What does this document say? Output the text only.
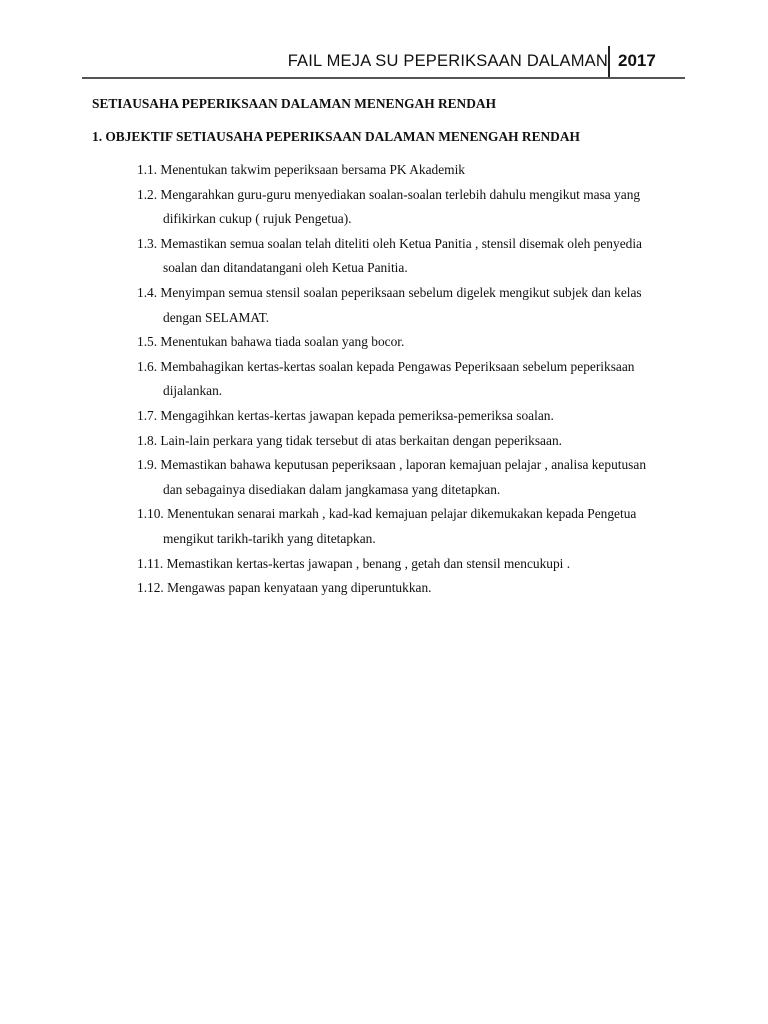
FAIL MEJA SU PEPERIKSAAN DALAMAN 2017
SETIAUSAHA PEPERIKSAAN DALAMAN MENENGAH RENDAH
1. OBJEKTIF SETIAUSAHA PEPERIKSAAN DALAMAN MENENGAH RENDAH
1.1. Menentukan takwim peperiksaan bersama PK Akademik
1.2. Mengarahkan guru-guru menyediakan soalan-soalan terlebih dahulu mengikut masa yang
difikirkan cukup ( rujuk Pengetua).
1.3. Memastikan semua soalan telah diteliti oleh Ketua Panitia , stensil disemak oleh penyedia
soalan dan ditandatangani oleh Ketua Panitia.
1.4. Menyimpan semua stensil soalan peperiksaan sebelum digelek mengikut subjek dan kelas
dengan SELAMAT.
1.5. Menentukan bahawa tiada soalan yang bocor.
1.6. Membahagikan kertas-kertas soalan kepada Pengawas Peperiksaan sebelum peperiksaan
dijalankan.
1.7. Mengagihkan kertas-kertas jawapan kepada pemeriksa-pemeriksa soalan.
1.8. Lain-lain perkara yang tidak tersebut di atas berkaitan dengan peperiksaan.
1.9. Memastikan bahawa keputusan peperiksaan , laporan kemajuan pelajar , analisa keputusan
dan sebagainya disediakan dalam jangkamasa yang ditetapkan.
1.10. Menentukan senarai markah , kad-kad kemajuan pelajar dikemukakan kepada Pengetua
mengikut tarikh-tarikh yang ditetapkan.
1.11. Memastikan kertas-kertas jawapan , benang , getah dan stensil mencukupi .
1.12. Mengawas papan kenyataan yang diperuntukkan.
